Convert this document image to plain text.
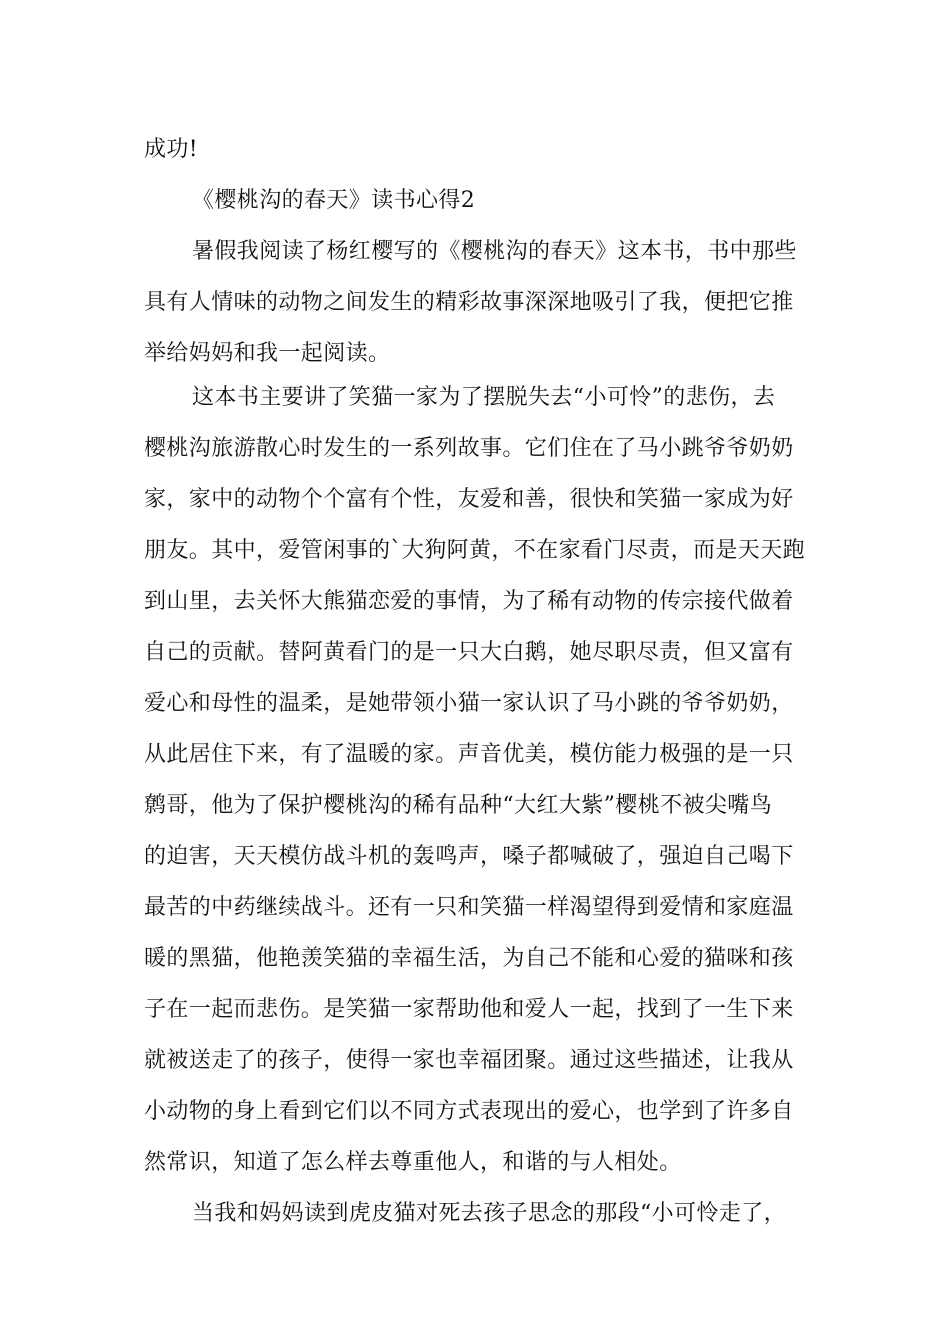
成功!
《樱桃沟的春天》读书心得2
暑假我阅读了杨红樱写的《樱桃沟的春天》这本书，书中那些
具有人情味的动物之间发生的精彩故事深深地吸引了我，便把它推
举给妈妈和我一起阅读。
这本书主要讲了笑猫一家为了摆脱失去“小可怜”的悲伤，去
樱桃沟旅游散心时发生的一系列故事。它们住在了马小跳爷爷奶奶
家，家中的动物个个富有个性，友爱和善，很快和笑猫一家成为好
朋友。其中，爱管闲事的`大狗阿黄，不在家看门尽责，而是天天跑
到山里，去关怀大熊猫恋爱的事情，为了稀有动物的传宗接代做着
自己的贡献。替阿黄看门的是一只大白鹅，她尽职尽责，但又富有
爱心和母性的温柔，是她带领小猫一家认识了马小跳的爷爷奶奶，
从此居住下来，有了温暖的家。声音优美，模仿能力极强的是一只
鹩哥，他为了保护樱桃沟的稀有品种“大红大紫”樱桃不被尖嘴鸟
的迫害，天天模仿战斗机的轰鸣声，嗓子都喊破了，强迫自己喝下
最苦的中药继续战斗。还有一只和笑猫一样渴望得到爱情和家庭温
暖的黑猫，他艳羡笑猫的幸福生活，为自己不能和心爱的猫咪和孩
子在一起而悲伤。是笑猫一家帮助他和爱人一起，找到了一生下来
就被送走了的孩子，使得一家也幸福团聚。通过这些描述，让我从
小动物的身上看到它们以不同方式表现出的爱心，也学到了许多自
然常识，知道了怎么样去尊重他人，和谐的与人相处。
当我和妈妈读到虎皮猫对死去孩子思念的那段“小可怜走了，
